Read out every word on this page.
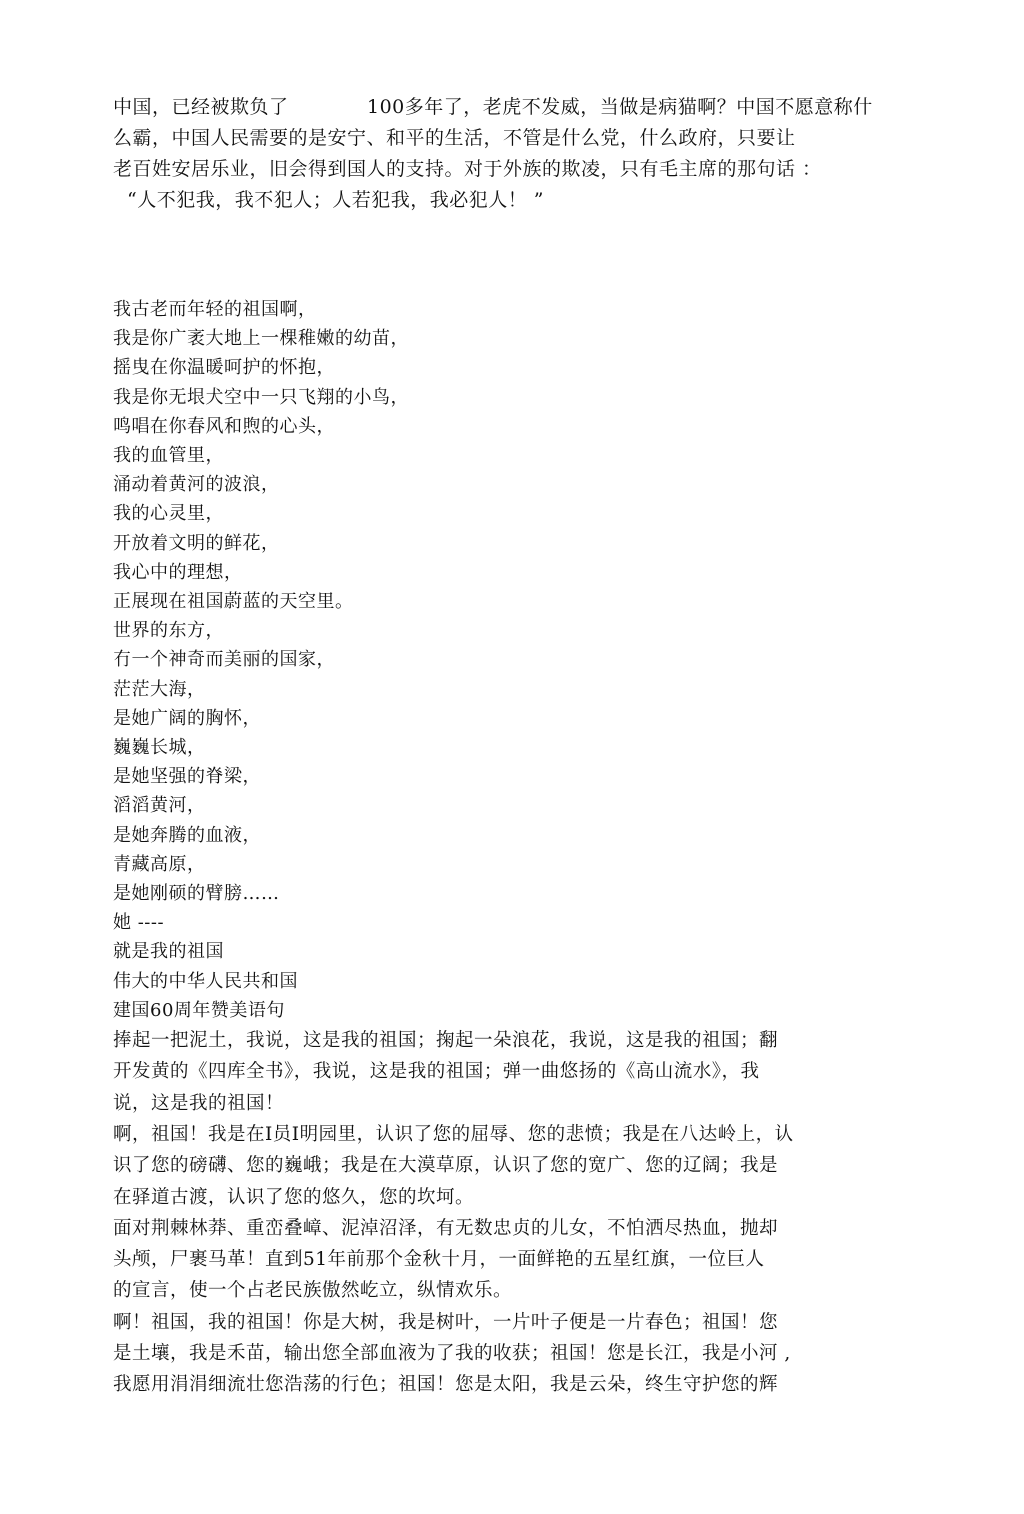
中国，已经被欺负了            100多年了，老虎不发威，当做是病猫啊？中国不愿意称什
么霸，中国人民需要的是安宁、和平的生活，不管是什么党，什么政府，只要让
老百姓安居乐业，旧会得到国人的支持。对于外族的欺凌，只有毛主席的那句话 ：
“人不犯我，我不犯人；人若犯我，我必犯人！ ”
我古老而年轻的祖国啊，
我是你广袤大地上一棵稚嫩的幼苗，
摇曳在你温暖呵护的怀抱，
我是你无垠犬空中一只飞翔的小鸟，
鸣唱在你春风和煦的心头，
我的血管里，
涌动着黄河的波浪，
我的心灵里，
开放着文明的鲜花，
我心中的理想，
正展现在祖国蔚蓝的天空里。
世界的东方，
冇一个神奇而美丽的国家，
茫茫大海，
是她广阔的胸怀，
巍巍长城，
是她坚强的脊梁，
滔滔黄河，
是她奔腾的血液，
青藏高原，
是她刚硕的臂膀……
她 ----
就是我的祖国
伟大的中华人民共和国
建国60周年赞美语句
捧起一把泥土，我说，这是我的祖国；掬起一朵浪花，我说，这是我的祖国；翻
开发黄的《四库全书》，我说，这是我的祖国；弹一曲悠扬的《高山流水》，我
说，这是我的祖国！
啊，祖国！我是在I员I明园里，认识了您的屈辱、您的悲愤；我是在八达岭上，认
识了您的磅礴、您的巍峨；我是在大漠草原，认识了您的宽广、您的辽阔；我是
在驿道古渡，认识了您的悠久，您的坎坷。
面对荆棘林莽、重峦叠嶂、泥淖沼泽，有无数忠贞的儿女，不怕洒尽热血，抛却
头颅，尸裹马革！直到51年前那个金秋十月，一面鲜艳的五星红旗，一位巨人
的宣言，使一个占老民族傲然屹立，纵情欢乐。
啊！祖国，我的祖国！你是大树，我是树叶，一片叶子便是一片春色；祖国！您
是土壤，我是禾苗，输出您全部血液为了我的收获；祖国！您是长江，我是小河 ,
我愿用涓涓细流壮您浩荡的行色；祖国！您是太阳，我是云朵，终生守护您的辉
